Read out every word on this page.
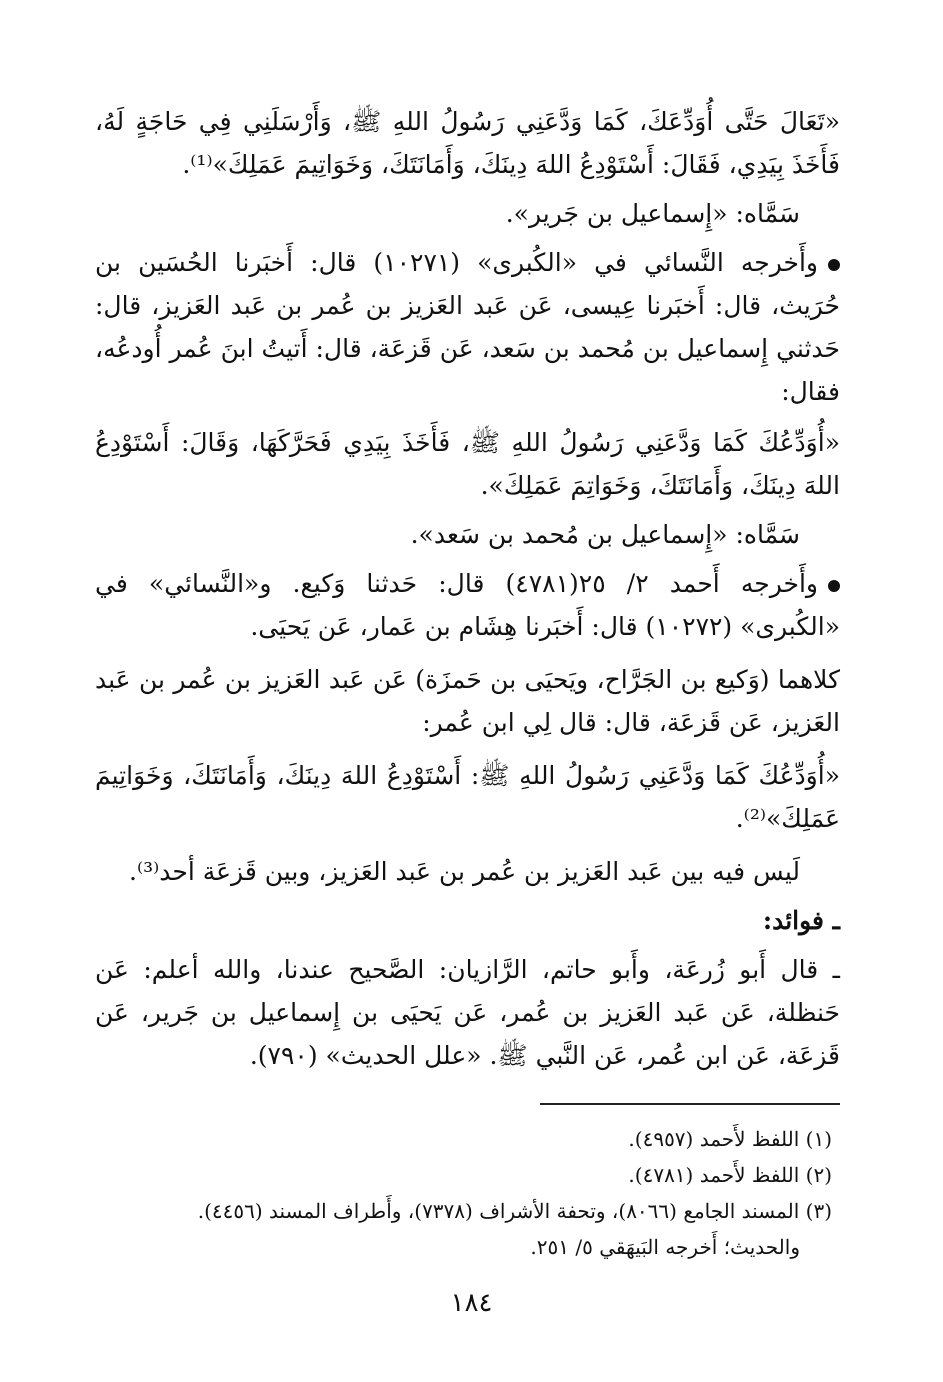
«تَعَالَ حَتَّى أُوَدِّعَكَ، كَمَا وَدَّعَنِي رَسُولُ اللهِ ﷺ، وَأَرْسَلَنِي فِي حَاجَةٍ لَهُ، فَأَخَذَ بِيَدِي، فَقَالَ: أَسْتَوْدِعُ اللهَ دِينَكَ، وَأَمَانَتَكَ، وَخَوَاتِيمَ عَمَلِكَ»⁽¹⁾.

سَمَّاه: «إِسماعيل بن جَرير».

وأَخرجه النَّسائي في «الكُبرى» (١٠٢٧١) قال: أَخبَرنا الحُسَين بن حُرَيث، قال: أَخبَرنا عِيسى، عَن عَبد العَزيز بن عُمر بن عَبد العَزيز، قال: حَدثني إِسماعيل بن مُحمد بن سَعد، عَن قَزعَة، قال: أَتيتُ ابنَ عُمر أُودعُه، فقال:

«أُوَدِّعُكَ كَمَا وَدَّعَنِي رَسُولُ اللهِ ﷺ، فَأَخَذَ بِيَدِي فَحَرَّكَهَا، وَقَالَ: أَسْتَوْدِعُ اللهَ دِينَكَ، وَأَمَانَتَكَ، وَخَوَاتِمَ عَمَلِكَ».

سَمَّاه: «إِسماعيل بن مُحمد بن سَعد».

وأَخرجه أَحمد ٢/ ٢٥(٤٧٨١) قال: حَدثنا وَكيع. و«النَّسائي» في «الكُبرى» (١٠٢٧٢) قال: أَخبَرنا هِشَام بن عَمار، عَن يَحيَى.

كلاهما (وَكيع بن الجَرَّاح، ويَحيَى بن حَمزَة) عَن عَبد العَزيز بن عُمر بن عَبد العَزيز، عَن قَزعَة، قال: قال لِي ابن عُمر:

«أُوَدِّعُكَ كَمَا وَدَّعَنِي رَسُولُ اللهِ ﷺ: أَسْتَوْدِعُ اللهَ دِينَكَ، وَأَمَانَتَكَ، وَخَوَاتِيمَ عَمَلِكَ»⁽²⁾.

لَيس فيه بين عَبد العَزيز بن عُمر بن عَبد العَزيز، وبين قَزعَة أحد⁽³⁾.

ـ فوائد:

ـ قال أَبو زُرعَة، وأَبو حاتم، الرَّازيان: الصَّحيح عندنا، والله أعلم: عَن حَنظلة، عَن عَبد العَزيز بن عُمر، عَن يَحيَى بن إِسماعيل بن جَرير، عَن قَزعَة، عَن ابن عُمر، عَن النَّبي ﷺ. «علل الحديث» (٧٩٠).

(١) اللفظ لأَحمد (٤٩٥٧).

(٢) اللفظ لأَحمد (٤٧٨١).

(٣) المسند الجامع (٨٠٦٦)، وتحفة الأشراف (٧٣٧٨)، وأَطراف المسند (٤٤٥٦).

والحديث؛ أَخرجه البَيهَقي ٥/ ٢٥١.

١٨٤
